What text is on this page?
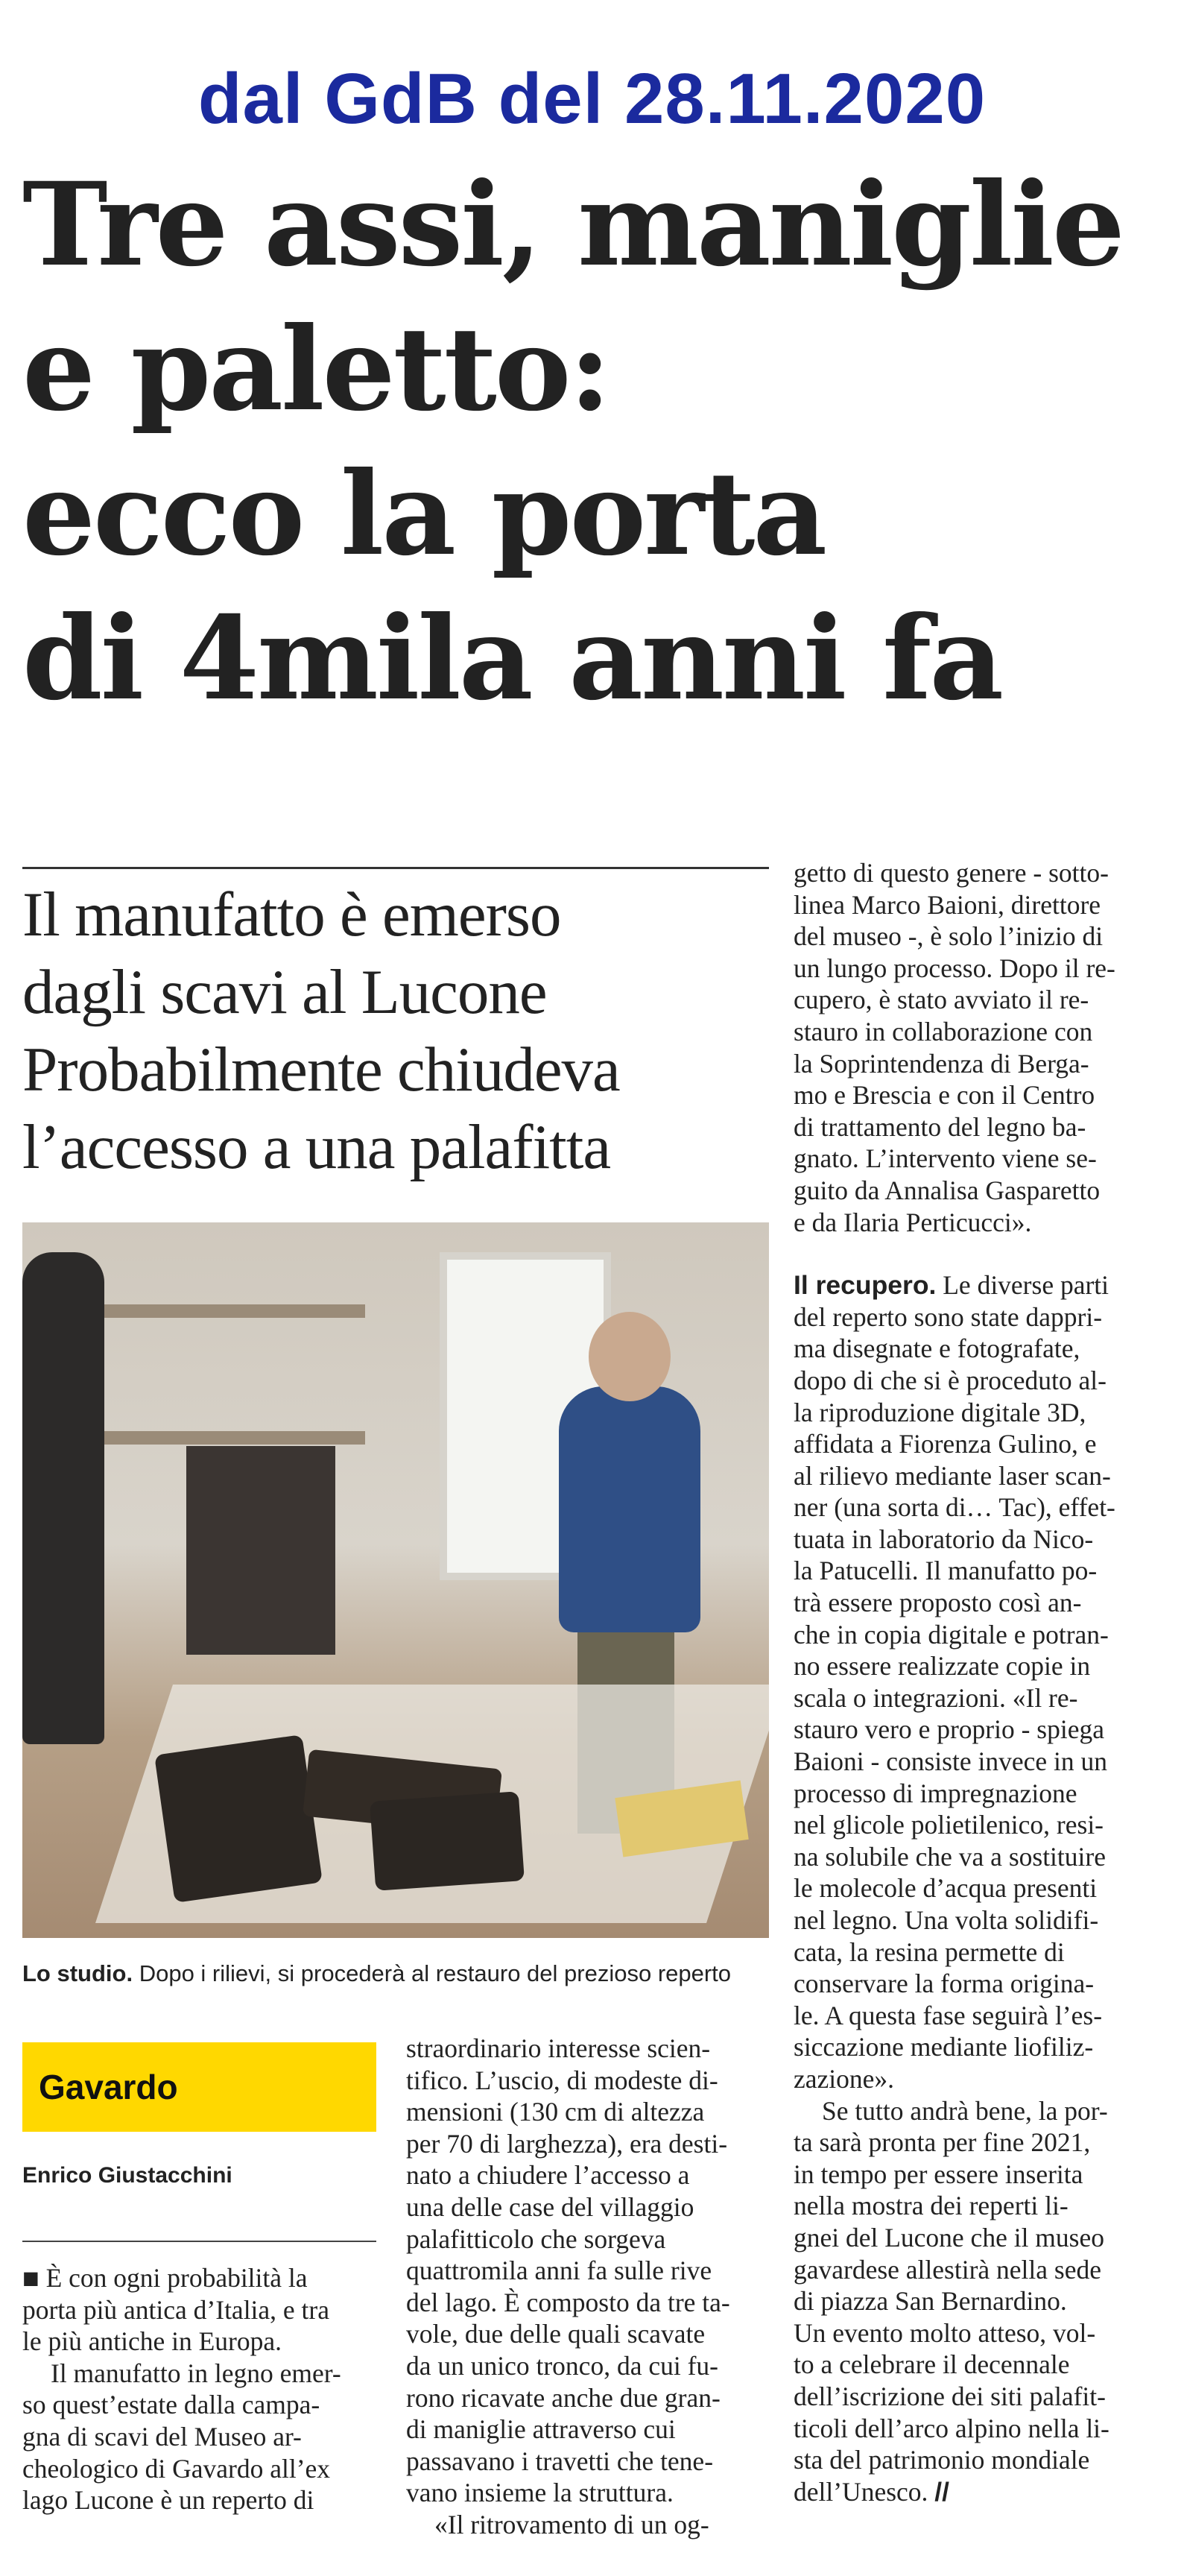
dal GdB del 28.11.2020
Tre assi, maniglie
e paletto:
ecco la porta
di 4mila anni fa
Il manufatto è emerso
dagli scavi al Lucone
Probabilmente chiudeva
l’accesso a una palafitta

Lo studio. Dopo i rilievi, si procederà al restauro del prezioso reperto

Gavardo

Enrico Giustacchini

■ È con ogni probabilità la
porta più antica d’Italia, e tra
le più antiche in Europa.
Il manufatto in legno emer-
so quest’estate dalla campa-
gna di scavi del Museo ar-
cheologico di Gavardo all’ex
lago Lucone è un reperto di
straordinario interesse scien-
tifico. L’uscio, di modeste di-
mensioni (130 cm di altezza
per 70 di larghezza), era desti-
nato a chiudere l’accesso a
una delle case del villaggio
palafitticolo che sorgeva
quattromila anni fa sulle rive
del lago. È composto da tre ta-
vole, due delle quali scavate
da un unico tronco, da cui fu-
rono ricavate anche due gran-
di maniglie attraverso cui
passavano i travetti che tene-
vano insieme la struttura.
«Il ritrovamento di un og-
getto di questo genere - sotto-
linea Marco Baioni, direttore
del museo -, è solo l’inizio di
un lungo processo. Dopo il re-
cupero, è stato avviato il re-
stauro in collaborazione con
la Soprintendenza di Berga-
mo e Brescia e con il Centro
di trattamento del legno ba-
gnato. L’intervento viene se-
guito da Annalisa Gasparetto
e da Ilaria Perticucci».
Il recupero. Le diverse parti
del reperto sono state dappri-
ma disegnate e fotografate,
dopo di che si è proceduto al-
la riproduzione digitale 3D,
affidata a Fiorenza Gulino, e
al rilievo mediante laser scan-
ner (una sorta di… Tac), effet-
tuata in laboratorio da Nico-
la Patucelli. Il manufatto po-
trà essere proposto così an-
che in copia digitale e potran-
no essere realizzate copie in
scala o integrazioni. «Il re-
stauro vero e proprio - spiega
Baioni - consiste invece in un
processo di impregnazione
nel glicole polietilenico, resi-
na solubile che va a sostituire
le molecole d’acqua presenti
nel legno. Una volta solidifi-
cata, la resina permette di
conservare la forma origina-
le. A questa fase seguirà l’es-
siccazione mediante liofiliz-
zazione».
Se tutto andrà bene, la por-
ta sarà pronta per fine 2021,
in tempo per essere inserita
nella mostra dei reperti li-
gnei del Lucone che il museo
gavardese allestirà nella sede
di piazza San Bernardino.
Un evento molto atteso, vol-
to a celebrare il decennale
dell’iscrizione dei siti palafit-
ticoli dell’arco alpino nella li-
sta del patrimonio mondiale
dell’Unesco. //
